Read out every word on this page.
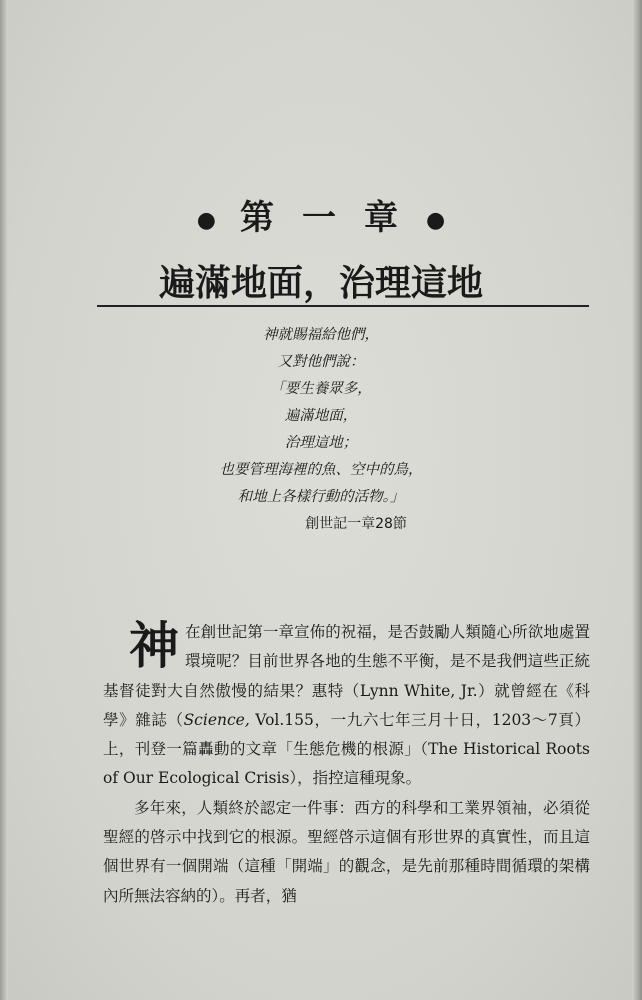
● 第一章●
遍滿地面，治理這地
神就賜福給他們，
又對他們說：
「要生養眾多，
遍滿地面，
治理這地；
也要管理海裡的魚、空中的鳥，
和地上各樣行動的活物。」
創世記一章28節

神在創世記第一章宣佈的祝福，是否鼓勵人類隨心所欲地處置環境呢？目前世界各地的生態不平衡，是不是我們這些正統基督徒對大自然傲慢的結果？惠特（Lynn White, Jr.）就曾經在《科學》雜誌（Science, Vol.155，一九六七年三月十日，1203～7頁）上，刊登一篇轟動的文章「生態危機的根源」（The Historical Roots of Our Ecological Crisis），指控這種現象。

多年來，人類終於認定一件事：西方的科學和工業界領袖，必須從聖經的啓示中找到它的根源。聖經啓示這個有形世界的真實性，而且這個世界有一個開端（這種「開端」的觀念，是先前那種時間循環的架構內所無法容納的）。再者，猶
